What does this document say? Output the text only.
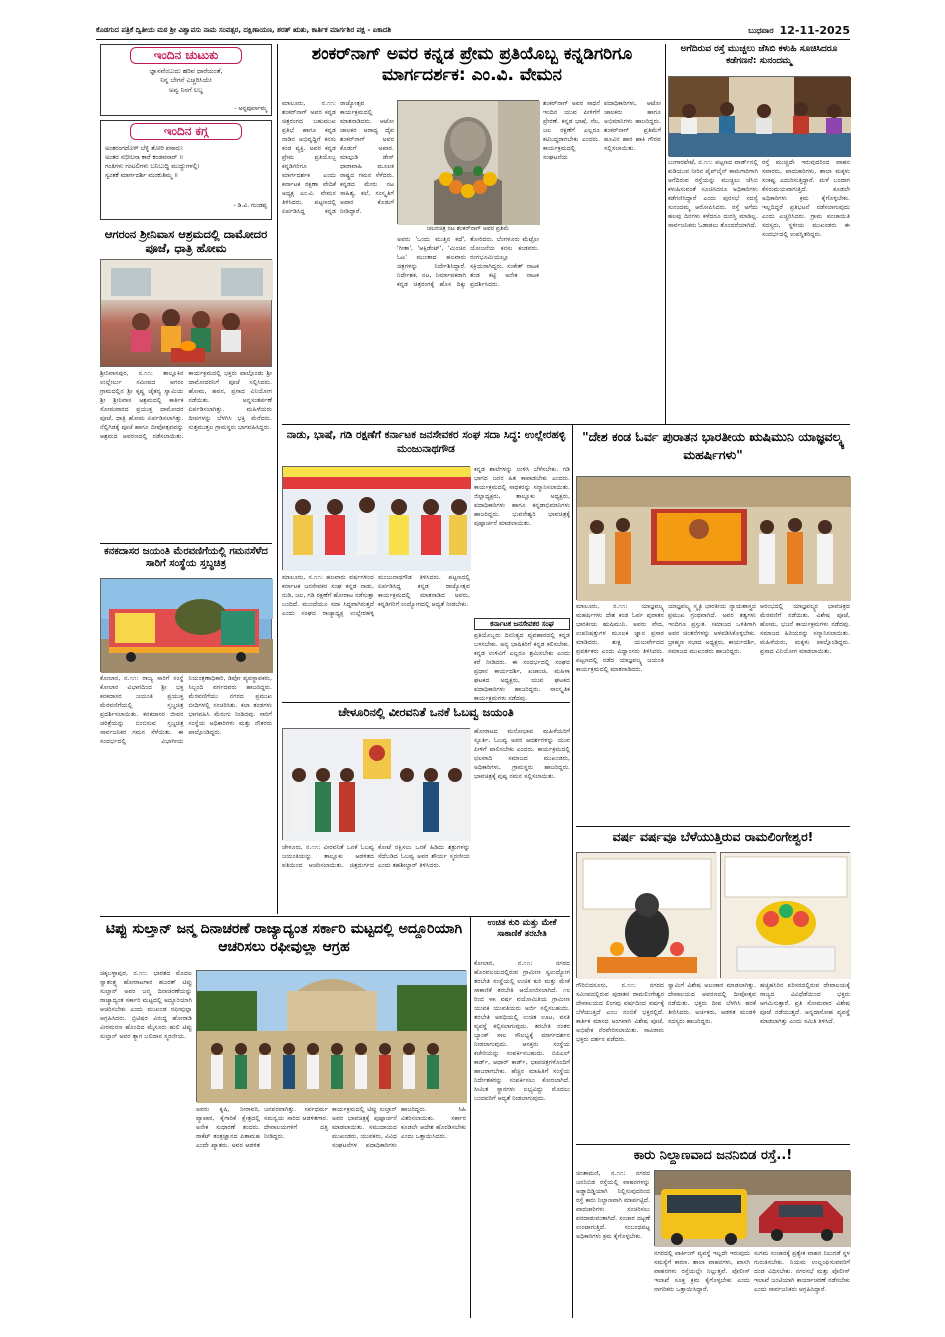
ಕೊಡಗುದ ಪತ್ರಿಕೆ ದ್ವಿತೀಯ ಮಠ ಶ್ರೀ ವಿಶ್ವಾವಸು ನಾಮ ಸಂವತ್ಸರ, ದಕ್ಷಿಣಾಯಣ, ಶರತ್ ಋತು, ಕಾರ್ತಿಕ ಮಾರ್ಗಶಿರ ಪಕ್ಷ - ಏಕಾದಶಿ	ಬುಧವಾರ 12-11-2025
ಇಂದಿನ ಚುಟುಕು
ಜ್ಞಾನವೆಂಬುದು ಹರಿವ ಧಾರೆಯಂತೆ,
ನಿನ್ನ ಬೇಗನೆ ಎಚ್ಚರಿಸಿಯೇ
ಅವ್ವ ನಿನಗೆ ಲಬ್ಧ
- ಅನ್ನಪೂರ್ಣಮ್ಮ
ಇಂದಿನ ಕಗ್ಗ
ಅಂತರಂಗದೊಳ್ ಬೆಳ್ಳಿ ತೋರಿ ಪಸಾರು।
ಅಂತರ ಸಭೀಲನಾ ಕಾರೆ ಕಂಡವನಾರ್ ॥
ಗಂತಿಗಳು ಗಂಟಲಿಗಳು ಬನಿಬುದ್ಧಿ ಮುದ್ದುಗಳಲ್ಲಿ।
ಸ್ವಂತಕೆ ಮಾರ್ಗದರ್ಶಿ ಮಂಕುತಿಮ್ಮ ॥
- ಡಿ.ವಿ. ಗುಂಡಪ್ಪ
ಆಗರಂನ ಶ್ರೀನಿವಾಸ ಆಶ್ರಮದಲ್ಲಿ ದಾಮೋದರ ಪೂಜೆ, ಧಾತ್ರಿ ಹೋಮ
ಶ್ರೀನಿವಾಸಪುರ, ನ.೧೧: ತಾಲ್ಲೂಕಿನ ಉಲ್ಲೇರ್ಲು ಸಮೀಪದ ಆಗರಂ ಗ್ರಾಮದಲ್ಲಿನ ಶ್ರೀ ಕೃಷ್ಣ ಚೈತನ್ಯ ಸ್ವಾಮಿಯ ಶ್ರೀ ಶ್ರೀನಿವಾಸ ಆಶ್ರಮದಲ್ಲಿ ಕಾರ್ತಿಕ ಸೋಮವಾರದ ಪ್ರಯುಕ್ತ ದಾಮೋದರ ಪೂಜೆ, ಧಾತ್ರಿ ಹೋಮ ಏರ್ಪಡಿಸಲಾಗಿತ್ತು. ನೆಲ್ಲಿಗಿಡಕ್ಕೆ ಪೂಜೆ ಹಾಗೂ ದೀಪೋತ್ಸವವನ್ನು ಆಶ್ರಮದ ಆವರಣದಲ್ಲಿ ನಡೆಸಲಾಯಿತು. ಕಾರ್ಯಕ್ರಮದಲ್ಲಿ ಭಕ್ತರು ಪಾಲ್ಗೊಂಡು ಶ್ರೀ ದಾಮೋದರನಿಗೆ ಪೂಜೆ ಸಲ್ಲಿಸಿದರು. ಹೋಮ, ಹವನ, ಪ್ರಸಾದ ವಿನಿಯೋಗ ನಡೆಯಿತು. ಅನ್ನಸಂತರ್ಪಣೆ ಏರ್ಪಡಿಸಲಾಗಿತ್ತು. ಮಹಿಳೆಯರು ದೀಪಗಳನ್ನು ಬೆಳಗಿಸಿ ಭಕ್ತಿ ಮೆರೆದರು. ಸುತ್ತಮುತ್ತಲ ಗ್ರಾಮಸ್ಥರು ಭಾಗವಹಿಸಿದ್ದರು.
ಕನಕದಾಸರ ಜಯಂತಿ ಮೆರವಣಿಗೆಯಲ್ಲಿ ಗಮನಸೆಳೆದ ಸಾರಿಗೆ ಸಂಸ್ಥೆಯ ಸ್ತಬ್ಧಚಿತ್ರ
ಕೋಲಾರ, ನ.೧೧: ರಾಜ್ಯ ಸಾರಿಗೆ ಸಂಸ್ಥೆ ಕೋಲಾರ ವಿಭಾಗದಿಂದ ಶ್ರೀ ಭಕ್ತ ಕನಕದಾಸರ ಜಯಂತಿ ಪ್ರಯುಕ್ತ ಮೆರವಣಿಗೆಯಲ್ಲಿ ಸ್ತಬ್ಧಚಿತ್ರ ಪ್ರದರ್ಶಿಸಲಾಯಿತು. ಕನಕದಾಸರ ಜೀವನ ಚರಿತ್ರೆಯನ್ನು ಬಿಂಬಿಸುವ ಸ್ತಬ್ಧಚಿತ್ರ ಸಾರ್ವಜನಿಕರ ಗಮನ ಸೆಳೆಯಿತು. ಈ ಸಂದರ್ಭದಲ್ಲಿ ವಿಭಾಗೀಯ ನಿಯಂತ್ರಣಾಧಿಕಾರಿ, ಡಿಪೋ ವ್ಯವಸ್ಥಾಪಕರು, ಸಿಬ್ಬಂದಿ ವರ್ಗದವರು ಹಾಜರಿದ್ದರು. ಮೆರವಣಿಗೆಯು ನಗರದ ಪ್ರಮುಖ ಬೀದಿಗಳಲ್ಲಿ ಸಂಚರಿಸಿತು. ಕಲಾ ತಂಡಗಳು ಭಾಗವಹಿಸಿ ಮೆರುಗು ನೀಡಿದವು. ಸಾರಿಗೆ ಸಂಸ್ಥೆಯ ಅಧಿಕಾರಿಗಳು ಮತ್ತು ನೌಕರರು ಪಾಲ್ಗೊಂಡಿದ್ದರು.
ಶಂಕರ್‌ನಾಗ್ ಅವರ ಕನ್ನಡ ಪ್ರೇಮ ಪ್ರತಿಯೊಬ್ಬ ಕನ್ನಡಿಗರಿಗೂ ಮಾರ್ಗದರ್ಶಕ: ಎಂ.ವಿ. ವೇಮನ
ಮಾಲೂರು, ನ.೧೧: ಶಂಕರ್‌ನಾಗ್ ಅವರ ಕನ್ನಡ ಚಿತ್ರರಂಗದ ಬಹುಮುಖ ಪ್ರತಿಭೆ ಹಾಗೂ ಕನ್ನಡ ನಾಡಿನ ಅಭಿವೃದ್ಧಿಗೆ ಕನಸು ಕಂಡ ವ್ಯಕ್ತಿ. ಅವರ ಕನ್ನಡ ಪ್ರೇಮ ಪ್ರತಿಯೊಬ್ಬ ಕನ್ನಡಿಗರಿಗೂ ಮಾರ್ಗದರ್ಶಕ ಎಂದು ಕರ್ನಾಟಕ ರಕ್ಷಣಾ ವೇದಿಕೆ ಅಧ್ಯಕ್ಷ ಎಂ.ವಿ. ವೇಮನ ತಿಳಿಸಿದರು. ಪಟ್ಟಣದಲ್ಲಿ ಏರ್ಪಡಿಸಿದ್ದ ಕನ್ನಡ ರಾಜ್ಯೋತ್ಸವ ಕಾರ್ಯಕ್ರಮದಲ್ಲಿ ಮಾತನಾಡಿದರು. ಆಟೋ ಚಾಲಕರ ಆರಾಧ್ಯ ದೈವ ಶಂಕರ್‌ನಾಗ್ ಅವರ ಕೊಡುಗೆ ಅಪಾರ. ಮಾಲ್ಗುಡಿ ಡೇಸ್ ಧಾರಾವಾಹಿ ಮೂಲಕ ರಾಷ್ಟ್ರದ ಗಮನ ಸೆಳೆದರು. ಕನ್ನಡದ ಮೇರು ನಟ ಸಾಹಿತ್ಯ, ಕಲೆ, ಸಂಸ್ಕೃತಿಗೆ ಅಪಾರ ಕೊಡುಗೆ ನೀಡಿದ್ದಾರೆ.
ಚಲನಚಿತ್ರ ನಟ ಶಂಕರ್‌ನಾಗ್ ಅವರ ಪ್ರತಿಮೆ
ಅವರು 'ಒಂದು ಮುತ್ತಿನ ಕಥೆ', 'ಗೀತಾ', 'ಆಕ್ಸಿಡೆಂಟ್', 'ಮಿಂಚಿನ ಓಟ' ಮುಂತಾದ ಹಲವಾರು ಚಿತ್ರಗಳನ್ನು ನಿರ್ದೇಶಿಸಿದ್ದಾರೆ. ನಿರ್ದೇಶಕ, ನಟ, ನಿರ್ಮಾಪಕರಾಗಿ ಕನ್ನಡ ಚಿತ್ರರಂಗಕ್ಕೆ ಹೊಸ ದಿಕ್ಕು ತೋರಿದರು. ಬೆಂಗಳೂರು ಮೆಟ್ರೋ ಯೋಜನೆಯ ಕನಸು ಕಂಡವರು. ರಂಗಭೂಮಿಯಲ್ಲೂ ಸಕ್ರಿಯರಾಗಿದ್ದರು. ಸಂಕೇತ್ ನಾಟಕ ತಂಡ ಕಟ್ಟಿ ಅನೇಕ ನಾಟಕ ಪ್ರದರ್ಶಿಸಿದರು.
ಶಂಕರ್‌ನಾಗ್ ಅವರ ಸಾಧನೆ ಇಂದಿನ ಯುವ ಪೀಳಿಗೆಗೆ ಪ್ರೇರಣೆ. ಕನ್ನಡ ಭಾಷೆ, ನೆಲ, ಜಲ ರಕ್ಷಣೆಗೆ ಎಲ್ಲರೂ ಕಟಿಬದ್ಧರಾಗಬೇಕು ಎಂದರು. ಕಾರ್ಯಕ್ರಮದಲ್ಲಿ ಸಂಘಟನೆಯ ಪದಾಧಿಕಾರಿಗಳು, ಆಟೋ ಚಾಲಕರು ಹಾಗೂ ಅಭಿಮಾನಿಗಳು ಹಾಜರಿದ್ದರು. ಶಂಕರ್‌ನಾಗ್ ಪ್ರತಿಮೆಗೆ ಹೂವಿನ ಹಾರ ಹಾಕಿ ಗೌರವ ಸಲ್ಲಿಸಲಾಯಿತು.
ಅಗೆದಿರುವ ರಸ್ತೆ ಮುಚ್ಚಲು ಜೆಸಿಬಿ ಕಳುಹಿ ಸೂಚಿಸಿದರೂ ಕಡೆಗಣನೆ: ಸುನಂದಮ್ಮ
ಬಂಗಾರಪೇಟೆ, ನ.೧೧: ಪಟ್ಟಣದ ವಾರ್ಡ್‌ನಲ್ಲಿ ಕುಡಿಯುವ ನೀರಿನ ಪೈಪ್‌ಲೈನ್ ಕಾಮಗಾರಿಗಾಗಿ ಅಗೆದಿರುವ ರಸ್ತೆಯನ್ನು ಮುಚ್ಚಲು ಜೆಸಿಬಿ ಕಳುಹಿಸುವಂತೆ ಸೂಚಿಸಿದರೂ ಅಧಿಕಾರಿಗಳು ಕಡೆಗಣಿಸಿದ್ದಾರೆ ಎಂದು ಪುರಸಭೆ ಸದಸ್ಯೆ ಸುನಂದಮ್ಮ ಆರೋಪಿಸಿದರು. ರಸ್ತೆ ಅಗೆದು ಹಲವು ದಿನಗಳು ಕಳೆದರೂ ದುರಸ್ತಿ ಮಾಡಿಲ್ಲ. ಸಾರ್ವಜನಿಕರು ಓಡಾಡಲು ತೊಂದರೆಯಾಗಿದೆ.
ರಸ್ತೆ ಮುಚ್ಚದೇ ಇರುವುದರಿಂದ ವಾಹನ ಸವಾರರು, ಪಾದಚಾರಿಗಳು, ಶಾಲಾ ಮಕ್ಕಳು ಸಂಕಷ್ಟ ಎದುರಿಸುತ್ತಿದ್ದಾರೆ. ಮಳೆ ಬಂದಾಗ ಕೆಸರುಮಯವಾಗುತ್ತಿದೆ. ಕೂಡಲೇ ಅಧಿಕಾರಿಗಳು ಕ್ರಮ ಕೈಗೊಳ್ಳಬೇಕು. ಇಲ್ಲದಿದ್ದರೆ ಪ್ರತಿಭಟನೆ ನಡೆಸಲಾಗುವುದು ಎಂದು ಎಚ್ಚರಿಸಿದರು. ಗ್ರಾಮ ಪಂಚಾಯಿತಿ ಸದಸ್ಯರು, ಸ್ಥಳೀಯ ಮುಖಂಡರು ಈ ಸಂದರ್ಭದಲ್ಲಿ ಉಪಸ್ಥಿತರಿದ್ದರು.
ನಾಡು, ಭಾಷೆ, ಗಡಿ ರಕ್ಷಣೆಗೆ ಕರ್ನಾಟಕ ಜನಸೇವಕರ ಸಂಘ ಸದಾ ಸಿದ್ಧ: ಉಲ್ಲೇರಹಳ್ಳಿ ಮಂಜುನಾಥಗೌಡ
ಮಾಲೂರು, ನ.೧೧: ಹಲವಾರು ವರ್ಷಗಳಿಂದ ಕರ್ನಾಟಕ ಜನಸೇವಕರ ಸಂಘ ಕನ್ನಡ ನಾಡು, ನುಡಿ, ಜಲ, ಗಡಿ ರಕ್ಷಣೆಗೆ ಹೋರಾಟ ನಡೆಸುತ್ತಾ ಬಂದಿದೆ. ಮುಂದೆಯೂ ಸದಾ ಸಿದ್ಧವಾಗಿರುತ್ತದೆ ಎಂದು ಸಂಘದ ರಾಜ್ಯಾಧ್ಯಕ್ಷ ಉಲ್ಲೇರಹಳ್ಳಿ ಮಂಜುನಾಥಗೌಡ ತಿಳಿಸಿದರು. ಪಟ್ಟಣದಲ್ಲಿ ಏರ್ಪಡಿಸಿದ್ದ ಕನ್ನಡ ರಾಜ್ಯೋತ್ಸವ ಕಾರ್ಯಕ್ರಮದಲ್ಲಿ ಮಾತನಾಡಿದ ಅವರು, ಕನ್ನಡಿಗರಿಗೆ ಉದ್ಯೋಗದಲ್ಲಿ ಆದ್ಯತೆ ನೀಡಬೇಕು.
ಕನ್ನಡ ಶಾಲೆಗಳನ್ನು ಉಳಿಸಿ ಬೆಳೆಸಬೇಕು. ಗಡಿ ಭಾಗದ ಜನರ ಹಿತ ಕಾಪಾಡಬೇಕು ಎಂದರು. ಕಾರ್ಯಕ್ರಮದಲ್ಲಿ ಸಾಧಕರನ್ನು ಸನ್ಮಾನಿಸಲಾಯಿತು. ಜಿಲ್ಲಾಧ್ಯಕ್ಷರು, ತಾಲ್ಲೂಕು ಅಧ್ಯಕ್ಷರು, ಪದಾಧಿಕಾರಿಗಳು ಹಾಗೂ ಕನ್ನಡಾಭಿಮಾನಿಗಳು ಹಾಜರಿದ್ದರು. ಭುವನೇಶ್ವರಿ ಭಾವಚಿತ್ರಕ್ಕೆ ಪುಷ್ಪಾರ್ಚನೆ ಮಾಡಲಾಯಿತು.
ಕರ್ನಾಟಕ ಜನಸೇವಕರ ಸಂಘ
ಪ್ರತಿಯೊಬ್ಬರು ದಿನನಿತ್ಯದ ವ್ಯವಹಾರದಲ್ಲಿ ಕನ್ನಡ ಬಳಸಬೇಕು. ಅನ್ಯ ಭಾಷಿಕರಿಗೆ ಕನ್ನಡ ಕಲಿಸಬೇಕು. ಕನ್ನಡ ಉಳಿವಿಗೆ ಎಲ್ಲರೂ ಶ್ರಮಿಸಬೇಕು ಎಂದು ಕರೆ ನೀಡಿದರು. ಈ ಸಂದರ್ಭದಲ್ಲಿ ಸಂಘದ ಪ್ರಧಾನ ಕಾರ್ಯದರ್ಶಿ, ಖಜಾಂಚಿ, ಮಹಿಳಾ ಘಟಕದ ಅಧ್ಯಕ್ಷರು, ಯುವ ಘಟಕದ ಪದಾಧಿಕಾರಿಗಳು ಹಾಜರಿದ್ದರು. ಸಾಂಸ್ಕೃತಿಕ ಕಾರ್ಯಕ್ರಮಗಳು ನಡೆದವು.
"ದೇಶ ಕಂಡ ಓರ್ವ ಪುರಾತನ ಭಾರತೀಯ ಋಷಿಮುನಿ ಯಾಜ್ಞವಲ್ಕ್ಯ ಮಹರ್ಷಿಗಳು"
ಮಾಲೂರು, ನ.೧೧: ಯಾಜ್ಞವಲ್ಕ್ಯ ಮಹರ್ಷಿಗಳು ದೇಶ ಕಂಡ ಓರ್ವ ಪುರಾತನ ಭಾರತೀಯ ಋಷಿಮುನಿ. ಅವರು ವೇದ, ಉಪನಿಷತ್ತುಗಳ ಮೂಲಕ ಜ್ಞಾನ ಪ್ರಸಾರ ಮಾಡಿದರು. ಶುಕ್ಲ ಯಜುರ್ವೇದದ ಪ್ರವರ್ತಕರು ಎಂದು ವಿದ್ವಾಂಸರು ತಿಳಿಸಿದರು. ಪಟ್ಟಣದಲ್ಲಿ ನಡೆದ ಯಾಜ್ಞವಲ್ಕ್ಯ ಜಯಂತಿ ಕಾರ್ಯಕ್ರಮದಲ್ಲಿ ಮಾತನಾಡಿದರು.
ಯಾಜ್ಞವಲ್ಕ್ಯ ಸ್ಮೃತಿ ಭಾರತೀಯ ನ್ಯಾಯಶಾಸ್ತ್ರದ ಪ್ರಮುಖ ಗ್ರಂಥವಾಗಿದೆ. ಅವರ ತತ್ವಗಳು ಇಂದಿಗೂ ಪ್ರಸ್ತುತ. ಸಮಾಜದ ಒಳಿತಿಗಾಗಿ ಅವರ ಚಿಂತನೆಗಳನ್ನು ಅಳವಡಿಸಿಕೊಳ್ಳಬೇಕು. ಬ್ರಾಹ್ಮಣ ಸಭಾದ ಅಧ್ಯಕ್ಷರು, ಕಾರ್ಯದರ್ಶಿ, ಸಮಾಜದ ಮುಖಂಡರು ಹಾಜರಿದ್ದರು.
ಆರಂಭದಲ್ಲಿ ಯಾಜ್ಞವಲ್ಕ್ಯರ ಭಾವಚಿತ್ರದ ಮೆರವಣಿಗೆ ನಡೆಯಿತು. ವಿಶೇಷ ಪೂಜೆ, ಹೋಮ, ಭಜನೆ ಕಾರ್ಯಕ್ರಮಗಳು ನಡೆದವು. ಸಮಾಜದ ಹಿರಿಯರನ್ನು ಸನ್ಮಾನಿಸಲಾಯಿತು. ಮಹಿಳೆಯರು, ಮಕ್ಕಳು ಪಾಲ್ಗೊಂಡಿದ್ದರು. ಪ್ರಸಾದ ವಿನಿಯೋಗ ಮಾಡಲಾಯಿತು.
ಚೇಳೂರಿನಲ್ಲಿ ವೀರವನಿತೆ ಒನಕೆ ಓಬವ್ವ ಜಯಂತಿ
ಚೇಳೂರು, ನ.೧೧: ವೀರವನಿತೆ ಒನಕೆ ಓಬವ್ವ ಜಯಂತಿಯನ್ನು ತಾಲ್ಲೂಕು ಆಡಳಿತದ ವತಿಯಿಂದ ಆಚರಿಸಲಾಯಿತು. ಚಿತ್ರದುರ್ಗದ ಕೋಟೆ ರಕ್ಷಿಸಲು ಒನಕೆ ಹಿಡಿದು ಶತ್ರುಗಳನ್ನು ಸೆದೆಬಡಿದ ಓಬವ್ವ ಅವರ ಶೌರ್ಯ ಸ್ಮರಣೀಯ ಎಂದು ತಹಶೀಲ್ದಾರ್ ತಿಳಿಸಿದರು.
ಹೋರಾಟದ ಮನೋಭಾವ ಮಹಿಳೆಯರಿಗೆ ಸ್ಫೂರ್ತಿ. ಓಬವ್ವ ಅವರ ಆದರ್ಶಗಳನ್ನು ಯುವ ಪೀಳಿಗೆ ಪಾಲಿಸಬೇಕು ಎಂದರು. ಕಾರ್ಯಕ್ರಮದಲ್ಲಿ ಛಲವಾದಿ ಸಮಾಜದ ಮುಖಂಡರು, ಅಧಿಕಾರಿಗಳು, ಗ್ರಾಮಸ್ಥರು ಹಾಜರಿದ್ದರು. ಭಾವಚಿತ್ರಕ್ಕೆ ಪುಷ್ಪ ನಮನ ಸಲ್ಲಿಸಲಾಯಿತು.
ವರ್ಷ ವರ್ಷವೂ ಬೆಳೆಯುತ್ತಿರುವ ರಾಮಲಿಂಗೇಶ್ವರ!
ಗೌರಿಬಿದನೂರು, ನ.೧೧: ನಗರದ ಸಮೀಪದಲ್ಲಿರುವ ಪುರಾತನ ರಾಮಲಿಂಗೇಶ್ವರ ದೇವಾಲಯದ ಲಿಂಗವು ವರ್ಷದಿಂದ ವರ್ಷಕ್ಕೆ ಬೆಳೆಯುತ್ತಿದೆ ಎಂಬ ನಂಬಿಕೆ ಭಕ್ತರಲ್ಲಿದೆ. ಕಾರ್ತಿಕ ಮಾಸದ ಅಂಗವಾಗಿ ವಿಶೇಷ ಪೂಜೆ, ಅಭಿಷೇಕ ನೆರವೇರಿಸಲಾಯಿತು. ಸಾವಿರಾರು ಭಕ್ತರು ದರ್ಶನ ಪಡೆದರು.
ಸ್ವಾಮಿಗೆ ವಿಶೇಷ ಅಲಂಕಾರ ಮಾಡಲಾಗಿತ್ತು. ದೇವಾಲಯದ ಆವರಣದಲ್ಲಿ ದೀಪೋತ್ಸವ ನಡೆಯಿತು. ಭಕ್ತರು ದೀಪ ಬೆಳಗಿಸಿ ಹರಕೆ ತೀರಿಸಿದರು. ಅರ್ಚಕರು, ಆಡಳಿತ ಮಂಡಳಿ ಸದಸ್ಯರು ಹಾಜರಿದ್ದರು.
ಹಚ್ಚಹಸಿರಿನ ಪರಿಸರದಲ್ಲಿರುವ ದೇವಾಲಯಕ್ಕೆ ರಾಜ್ಯದ ವಿವಿಧೆಡೆಯಿಂದ ಭಕ್ತರು ಆಗಮಿಸುತ್ತಾರೆ. ಪ್ರತಿ ಸೋಮವಾರ ವಿಶೇಷ ಪೂಜೆ ನಡೆಯುತ್ತದೆ. ಅನ್ನದಾಸೋಹ ವ್ಯವಸ್ಥೆ ಮಾಡಲಾಗಿತ್ತು ಎಂದು ಸಮಿತಿ ತಿಳಿಸಿದೆ.
ಟಿಪ್ಪು ಸುಲ್ತಾನ್ ಜನ್ಮ ದಿನಾಚರಣೆ ರಾಜ್ಯಾದ್ಯಂತ ಸರ್ಕಾರಿ ಮಟ್ಟದಲ್ಲಿ ಅದ್ದೂರಿಯಾಗಿ ಆಚರಿಸಲು ರಫೀವುಲ್ಲಾ ಆಗ್ರಹ
ಚಿಕ್ಕಬಳ್ಳಾಪುರ, ನ.೧೧: ಭಾರತದ ಮೊದಲ ಸ್ವಾತಂತ್ರ್ಯ ಹೋರಾಟಗಾರ ಹಜರತ್ ಟಿಪ್ಪು ಸುಲ್ತಾನ್ ಅವರ ಜನ್ಮ ದಿನಾಚರಣೆಯನ್ನು ರಾಜ್ಯಾದ್ಯಂತ ಸರ್ಕಾರಿ ಮಟ್ಟದಲ್ಲಿ ಅದ್ದೂರಿಯಾಗಿ ಆಚರಿಸಬೇಕು ಎಂದು ಮುಖಂಡ ರಫೀವುಲ್ಲಾ ಆಗ್ರಹಿಸಿದರು. ಬ್ರಿಟಿಷರ ವಿರುದ್ಧ ಹೋರಾಡಿ ವೀರಮರಣ ಹೊಂದಿದ ಮೈಸೂರು ಹುಲಿ ಟಿಪ್ಪು ಸುಲ್ತಾನ್ ಅವರ ತ್ಯಾಗ ಬಲಿದಾನ ಸ್ಮರಣೀಯ.
ಅವರು ಕೃಷಿ, ನೀರಾವರಿ, ವ್ಯಾಪಾರ, ಕೈಗಾರಿಕೆ ಕ್ಷೇತ್ರದಲ್ಲಿ ಅನೇಕ ಸುಧಾರಣೆ ತಂದರು. ರಾಕೆಟ್ ತಂತ್ರಜ್ಞಾನದ ಪಿತಾಮಹ ಎಂದೇ ಖ್ಯಾತರು. ಅವರ ಆಡಳಿತ ಜನಪರವಾಗಿತ್ತು. ಸರ್ವಧರ್ಮ ಸಮನ್ವಯ ಸಾರಿದ ಆಡಳಿತಗಾರ. ದೇವಾಲಯಗಳಿಗೆ ದತ್ತಿ ನೀಡಿದ್ದರು.
ಕಾರ್ಯಕ್ರಮದಲ್ಲಿ ಟಿಪ್ಪು ಸುಲ್ತಾನ್ ಅವರ ಭಾವಚಿತ್ರಕ್ಕೆ ಪುಷ್ಪಾರ್ಚನೆ ಮಾಡಲಾಯಿತು. ಸಮುದಾಯದ ಮುಖಂಡರು, ಯುವಕರು, ವಿವಿಧ ಸಂಘಟನೆಗಳ ಪದಾಧಿಕಾರಿಗಳು ಹಾಜರಿದ್ದರು. ಸಿಹಿ ವಿತರಿಸಲಾಯಿತು. ಸರ್ಕಾರ ಕೂಡಲೇ ಆದೇಶ ಹೊರಡಿಸಬೇಕು ಎಂದು ಒತ್ತಾಯಿಸಿದರು.
ಉಚಿತ ಕುರಿ ಮತ್ತು ಮೇಕೆ ಸಾಕಾಣಿಕೆ ತರಬೇತಿ
ಕೋಲಾರ, ನ.೧೧: ನಗರದ ಹೊರವಲಯದಲ್ಲಿರುವ ಗ್ರಾಮೀಣ ಸ್ವಉದ್ಯೋಗ ತರಬೇತಿ ಸಂಸ್ಥೆಯಲ್ಲಿ ಉಚಿತ ಕುರಿ ಮತ್ತು ಮೇಕೆ ಸಾಕಾಣಿಕೆ ತರಬೇತಿ ಆಯೋಜಿಸಲಾಗಿದೆ. ೧೮ ರಿಂದ ೪೫ ವರ್ಷ ವಯೋಮಿತಿಯ ಗ್ರಾಮೀಣ ಯುವಕ ಯುವತಿಯರು ಅರ್ಜಿ ಸಲ್ಲಿಸಬಹುದು. ತರಬೇತಿ ಅವಧಿಯಲ್ಲಿ ಉಚಿತ ಊಟ, ವಸತಿ ವ್ಯವಸ್ಥೆ ಕಲ್ಪಿಸಲಾಗುವುದು. ತರಬೇತಿ ನಂತರ ಬ್ಯಾಂಕ್ ಸಾಲ ಸೌಲಭ್ಯಕ್ಕೆ ಮಾರ್ಗದರ್ಶನ ನೀಡಲಾಗುವುದು. ಆಸಕ್ತರು ಸಂಸ್ಥೆಯ ಕಚೇರಿಯನ್ನು ಸಂಪರ್ಕಿಸಬಹುದು. ಬಿಪಿಎಲ್ ಕಾರ್ಡ್, ಆಧಾರ್ ಕಾರ್ಡ್, ಭಾವಚಿತ್ರಗಳೊಂದಿಗೆ ಹಾಜರಾಗಬೇಕು. ಹೆಚ್ಚಿನ ಮಾಹಿತಿಗೆ ಸಂಸ್ಥೆಯ ನಿರ್ದೇಶಕರನ್ನು ಸಂಪರ್ಕಿಸಲು ಕೋರಲಾಗಿದೆ. ಸೀಮಿತ ಸ್ಥಾನಗಳು ಲಭ್ಯವಿದ್ದು ಮೊದಲು ಬಂದವರಿಗೆ ಆದ್ಯತೆ ನೀಡಲಾಗುವುದು.
ಕಾರು ನಿಲ್ದಾಣವಾದ ಜನನಿಬಿಡ ರಸ್ತೆ..!
ಚಿಂತಾಮಣಿ, ನ.೧೧: ನಗರದ ಜನನಿಬಿಡ ರಸ್ತೆಯಲ್ಲಿ ವಾಹನಗಳನ್ನು ಅಡ್ಡಾದಿಡ್ಡಿಯಾಗಿ ನಿಲ್ಲಿಸುವುದರಿಂದ ರಸ್ತೆ ಕಾರು ನಿಲ್ದಾಣವಾಗಿ ಮಾರ್ಪಟ್ಟಿದೆ. ಪಾದಚಾರಿಗಳು ಸಂಚರಿಸಲು ಪರದಾಡುವಂತಾಗಿದೆ. ಸಂಚಾರ ದಟ್ಟಣೆ ಉಂಟಾಗುತ್ತಿದೆ. ಸಂಬಂಧಪಟ್ಟ ಅಧಿಕಾರಿಗಳು ಕ್ರಮ ಕೈಗೊಳ್ಳಬೇಕು.
ನಗರದಲ್ಲಿ ಪಾರ್ಕಿಂಗ್ ವ್ಯವಸ್ಥೆ ಇಲ್ಲದೇ ಇರುವುದು ಸಮಸ್ಯೆಗೆ ಕಾರಣ. ಶಾಲಾ ವಾಹನಗಳು, ಖಾಸಗಿ ವಾಹನಗಳು ರಸ್ತೆಯಲ್ಲೇ ನಿಲ್ಲುತ್ತವೆ. ಪೊಲೀಸ್ ಇಲಾಖೆ ಸೂಕ್ತ ಕ್ರಮ ಕೈಗೊಳ್ಳಬೇಕು ಎಂದು ನಾಗರಿಕರು ಒತ್ತಾಯಿಸಿದ್ದಾರೆ.
ಸುಗಮ ಸಂಚಾರಕ್ಕೆ ಪ್ರತ್ಯೇಕ ವಾಹನ ನಿಲುಗಡೆ ಸ್ಥಳ ಗುರುತಿಸಬೇಕು. ನಿಯಮ ಉಲ್ಲಂಘಿಸುವವರಿಗೆ ದಂಡ ವಿಧಿಸಬೇಕು. ನಗರಸಭೆ ಮತ್ತು ಪೊಲೀಸ್ ಇಲಾಖೆ ಜಂಟಿಯಾಗಿ ಕಾರ್ಯಾಚರಣೆ ನಡೆಸಬೇಕು ಎಂದು ಸಾರ್ವಜನಿಕರು ಆಗ್ರಹಿಸಿದ್ದಾರೆ.
